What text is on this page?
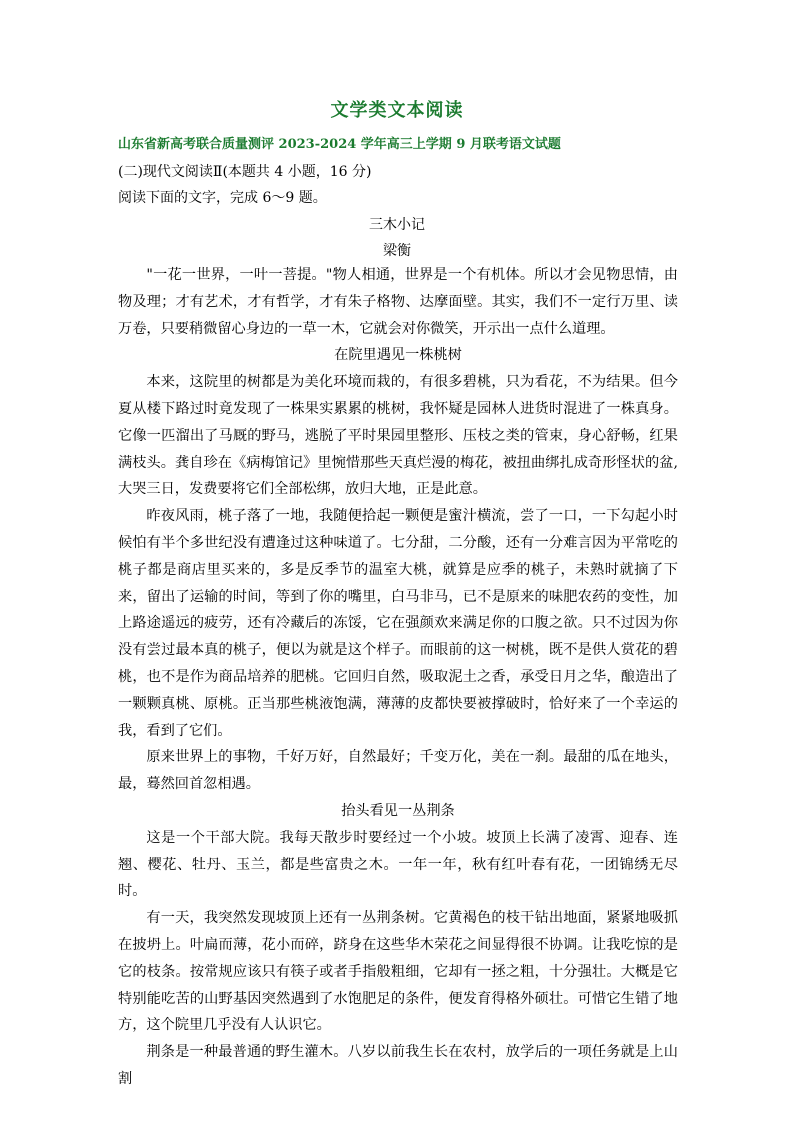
文学类文本阅读
山东省新高考联合质量测评 2023-2024 学年高三上学期 9 月联考语文试题
(二)现代文阅读Ⅱ(本题共 4 小题，16 分)
阅读下面的文字，完成 6～9 题。
三木小记
梁衡

"一花一世界，一叶一菩提。"物人相通，世界是一个有机体。所以才会见物思情，由物及理；才有艺术，才有哲学，才有朱子格物、达摩面壁。其实，我们不一定行万里、读万卷，只要稍微留心身边的一草一木，它就会对你微笑，开示出一点什么道理。

在院里遇见一株桃树

本来，这院里的树都是为美化环境而栽的，有很多碧桃，只为看花，不为结果。但今夏从楼下路过时竟发现了一株果实累累的桃树，我怀疑是园林人进货时混进了一株真身。它像一匹溜出了马厩的野马，逃脱了平时果园里整形、压枝之类的管束，身心舒畅，红果满枝头。龚自珍在《病梅馆记》里惋惜那些天真烂漫的梅花，被扭曲绑扎成奇形怪状的盆,大哭三日，发费要将它们全部松绑，放归大地，正是此意。

昨夜风雨，桃子落了一地，我随便拾起一颗便是蜜汁横流，尝了一口，一下勾起小时候怕有半个多世纪没有遭逢过这种味道了。七分甜，二分酸，还有一分难言因为平常吃的桃子都是商店里买来的，多是反季节的温室大桃，就算是应季的桃子，未熟时就摘了下来，留出了运输的时间，等到了你的嘴里，白马非马，已不是原来的味肥农药的变性，加上路途遥远的疲劳，还有冷藏后的冻馁，它在强颜欢来满足你的口腹之欲。只不过因为你没有尝过最本真的桃子，便以为就是这个样子。而眼前的这一树桃，既不是供人赏花的碧桃，也不是作为商品培养的肥桃。它回归自然，吸取泥土之香，承受日月之华，酿造出了一颗颗真桃、原桃。正当那些桃液饱满，薄薄的皮都快要被撑破时，恰好来了一个幸运的我，看到了它们。

原来世界上的事物，千好万好，自然最好；千变万化，美在一刹。最甜的瓜在地头，最，蓦然回首忽相遇。

抬头看见一丛荆条

这是一个干部大院。我每天散步时要经过一个小坡。坡顶上长满了凌霄、迎春、连翘、樱花、牡丹、玉兰，都是些富贵之木。一年一年，秋有红叶春有花，一团锦绣无尽时。

有一天，我突然发现坡顶上还有一丛荆条树。它黄褐色的枝干钻出地面，紧紧地吸抓在披坍上。叶扁而薄，花小而碎，跻身在这些华木荣花之间显得很不协调。让我吃惊的是它的枝条。按常规应该只有筷子或者手指般粗细，它却有一拯之粗，十分强壮。大概是它特别能吃苦的山野基因突然遇到了水饱肥足的条件，便发育得格外硕壮。可惜它生错了地方，这个院里几乎没有人认识它。

荆条是一种最普通的野生灌木。八岁以前我生长在农村，放学后的一项任务就是上山割
